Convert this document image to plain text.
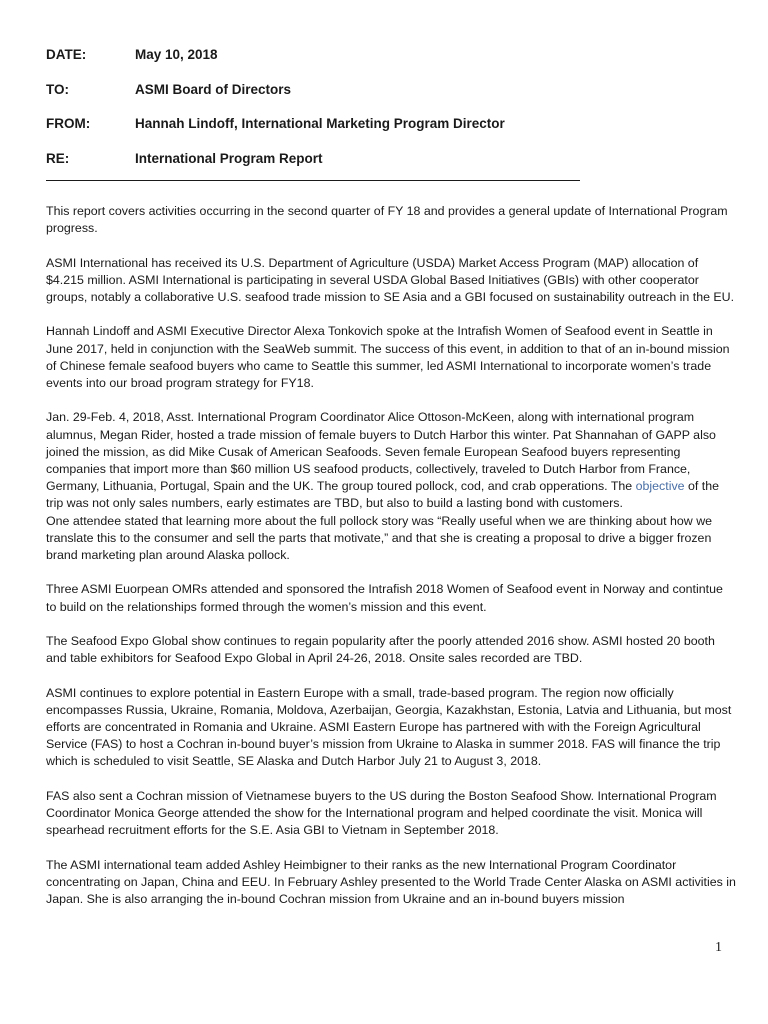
DATE:	May 10, 2018
TO:	ASMI Board of Directors
FROM:	Hannah Lindoff, International Marketing Program Director
RE:	International Program Report

This report covers activities occurring in the second quarter of FY 18 and provides a general update of International Program progress.

ASMI International has received its U.S. Department of Agriculture (USDA) Market Access Program (MAP) allocation of $4.215 million. ASMI International is participating in several USDA Global Based Initiatives (GBIs) with other cooperator groups, notably a collaborative U.S. seafood trade mission to SE Asia and a GBI focused on sustainability outreach in the EU.

Hannah Lindoff and ASMI Executive Director Alexa Tonkovich spoke at the Intrafish Women of Seafood event in Seattle in June 2017, held in conjunction with the SeaWeb summit. The success of this event, in addition to that of an in-bound mission of Chinese female seafood buyers who came to Seattle this summer, led ASMI International to incorporate women’s trade events into our broad program strategy for FY18.

Jan. 29-Feb. 4, 2018, Asst. International Program Coordinator Alice Ottoson-McKeen, along with international program alumnus, Megan Rider, hosted a trade mission of female buyers to Dutch Harbor this winter. Pat Shannahan of GAPP also joined the mission, as did Mike Cusak of American Seafoods. Seven female European Seafood buyers representing companies that import more than $60 million US seafood products, collectively, traveled to Dutch Harbor from France, Germany, Lithuania, Portugal, Spain and the UK. The group toured pollock, cod, and crab opperations. The objective of the trip was not only sales numbers, early estimates are TBD, but also to build a lasting bond with customers.

One attendee stated that learning more about the full pollock story was “Really useful when we are thinking about how we translate this to the consumer and sell the parts that motivate,” and that she is creating a proposal to drive a bigger frozen brand marketing plan around Alaska pollock.

Three ASMI Euorpean OMRs attended and sponsored the Intrafish 2018 Women of Seafood event in Norway and contintue to build on the relationships formed through the women’s mission and this event.

The Seafood Expo Global show continues to regain popularity after the poorly attended 2016 show. ASMI hosted 20 booth and table exhibitors for Seafood Expo Global in April 24-26, 2018. Onsite sales recorded are TBD.

ASMI continues to explore potential in Eastern Europe with a small, trade-based program. The region now officially encompasses Russia, Ukraine, Romania, Moldova, Azerbaijan, Georgia, Kazakhstan, Estonia, Latvia and Lithuania, but most efforts are concentrated in Romania and Ukraine. ASMI Eastern Europe has partnered with with the Foreign Agricultural Service (FAS) to host a Cochran in-bound buyer’s mission from Ukraine to Alaska in summer 2018. FAS will finance the trip which is scheduled to visit Seattle, SE Alaska and Dutch Harbor July 21 to August 3, 2018.

FAS also sent a Cochran mission of Vietnamese buyers to the US during the Boston Seafood Show. International Program Coordinator Monica George attended the show for the International program and helped coordinate the visit. Monica will spearhead recruitment efforts for the S.E. Asia GBI to Vietnam in September 2018.

The ASMI international team added Ashley Heimbigner to their ranks as the new International Program Coordinator concentrating on Japan, China and EEU. In February Ashley presented to the World Trade Center Alaska on ASMI activities in Japan. She is also arranging the in-bound Cochran mission from Ukraine and an in-bound buyers mission

1
